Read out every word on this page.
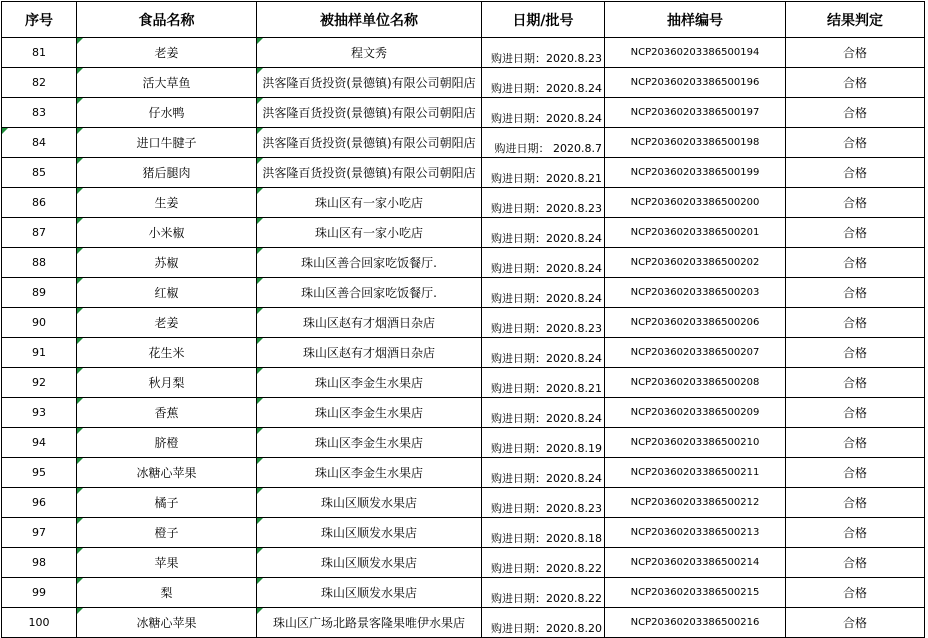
序号	食品名称	被抽样单位名称	日期/批号	抽样编号	结果判定
81	老姜	程文秀	购进日期：2020.8.23	NCP20360203386500194	合格
82	活大草鱼	洪客隆百货投资(景德镇)有限公司朝阳店	购进日期：2020.8.24	NCP20360203386500196	合格
83	仔水鸭	洪客隆百货投资(景德镇)有限公司朝阳店	购进日期：2020.8.24	NCP20360203386500197	合格
84	进口牛腱子	洪客隆百货投资(景德镇)有限公司朝阳店	购进日期： 2020.8.7	NCP20360203386500198	合格
85	猪后腿肉	洪客隆百货投资(景德镇)有限公司朝阳店	购进日期：2020.8.21	NCP20360203386500199	合格
86	生姜	珠山区有一家小吃店	购进日期：2020.8.23	NCP20360203386500200	合格
87	小米椒	珠山区有一家小吃店	购进日期：2020.8.24	NCP20360203386500201	合格
88	苏椒	珠山区善合回家吃饭餐厅.	购进日期：2020.8.24	NCP20360203386500202	合格
89	红椒	珠山区善合回家吃饭餐厅.	购进日期：2020.8.24	NCP20360203386500203	合格
90	老姜	珠山区赵有才烟酒日杂店	购进日期：2020.8.23	NCP20360203386500206	合格
91	花生米	珠山区赵有才烟酒日杂店	购进日期：2020.8.24	NCP20360203386500207	合格
92	秋月梨	珠山区李金生水果店	购进日期：2020.8.21	NCP20360203386500208	合格
93	香蕉	珠山区李金生水果店	购进日期：2020.8.24	NCP20360203386500209	合格
94	脐橙	珠山区李金生水果店	购进日期：2020.8.19	NCP20360203386500210	合格
95	冰糖心苹果	珠山区李金生水果店	购进日期：2020.8.24	NCP20360203386500211	合格
96	橘子	珠山区顺发水果店	购进日期：2020.8.23	NCP20360203386500212	合格
97	橙子	珠山区顺发水果店	购进日期：2020.8.18	NCP20360203386500213	合格
98	苹果	珠山区顺发水果店	购进日期：2020.8.22	NCP20360203386500214	合格
99	梨	珠山区顺发水果店	购进日期：2020.8.22	NCP20360203386500215	合格
100	冰糖心苹果	珠山区广场北路景客隆果唯伊水果店	购进日期：2020.8.20	NCP20360203386500216	合格
